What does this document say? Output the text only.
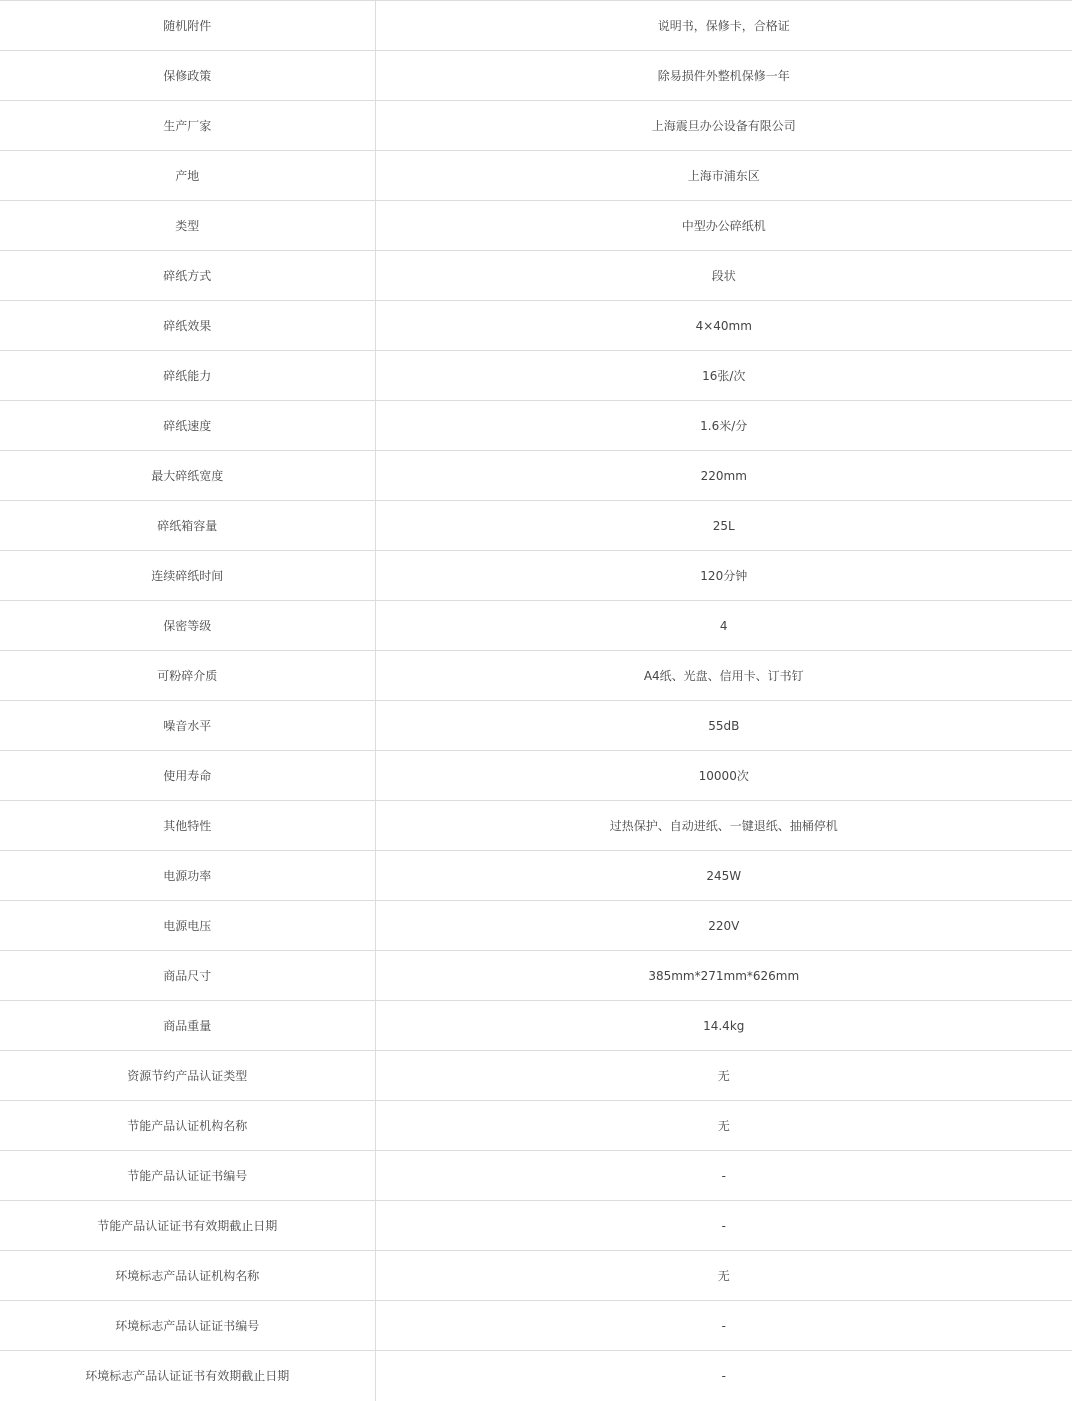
随机附件	说明书，保修卡，合格证
保修政策	除易损件外整机保修一年
生产厂家	上海震旦办公设备有限公司
产地	上海市浦东区
类型	中型办公碎纸机
碎纸方式	段状
碎纸效果	4×40mm
碎纸能力	16张/次
碎纸速度	1.6米/分
最大碎纸宽度	220mm
碎纸箱容量	25L
连续碎纸时间	120分钟
保密等级	4
可粉碎介质	A4纸、光盘、信用卡、订书钉
噪音水平	55dB
使用寿命	10000次
其他特性	过热保护、自动进纸、一键退纸、抽桶停机
电源功率	245W
电源电压	220V
商品尺寸	385mm*271mm*626mm
商品重量	14.4kg
资源节约产品认证类型	无
节能产品认证机构名称	无
节能产品认证证书编号	-
节能产品认证证书有效期截止日期	-
环境标志产品认证机构名称	无
环境标志产品认证证书编号	-
环境标志产品认证证书有效期截止日期	-
